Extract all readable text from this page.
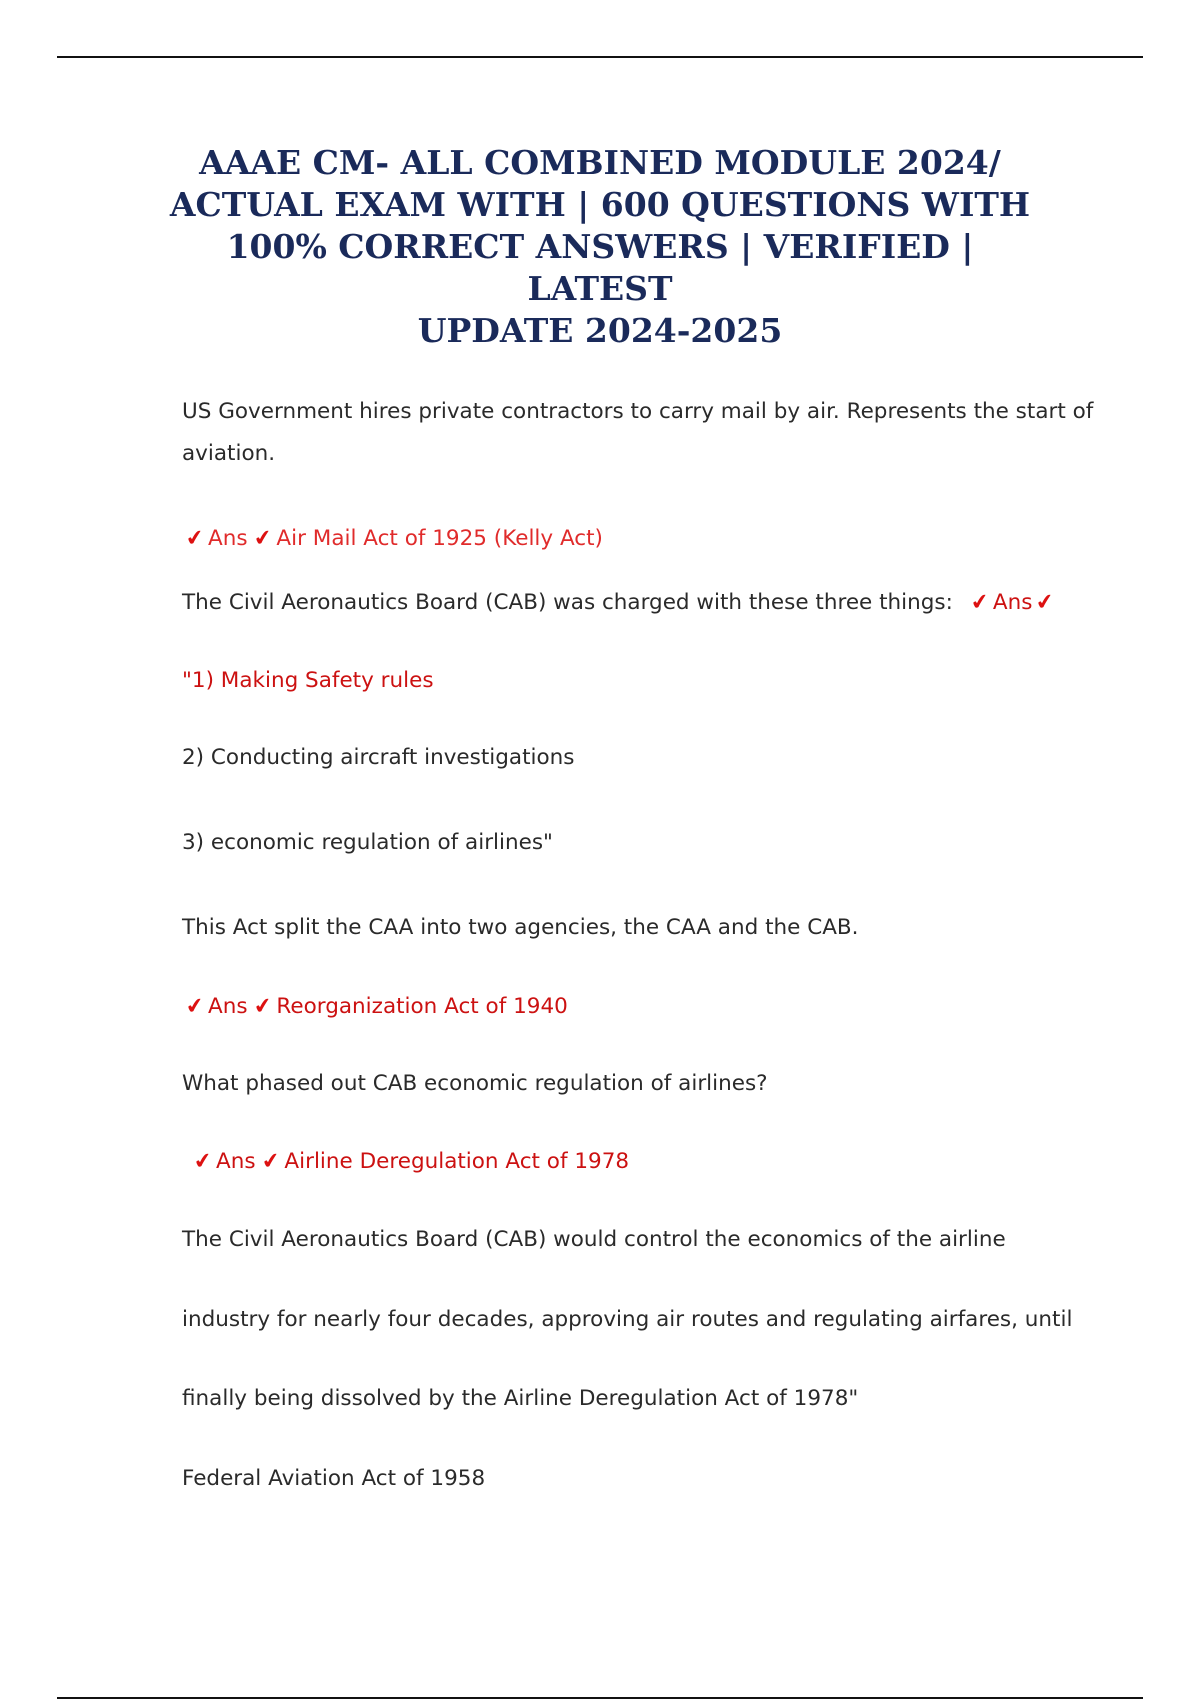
AAAE CM- ALL COMBINED MODULE 2024/
ACTUAL EXAM WITH | 600 QUESTIONS WITH
100% CORRECT ANSWERS | VERIFIED | LATEST
UPDATE 2024-2025

US Government hires private contractors to carry mail by air. Represents the start of

aviation.

✔ Ans ✔ Air Mail Act of 1925 (Kelly Act)

The Civil Aeronautics Board (CAB) was charged with these three things: ✔ Ans ✔

"1) Making Safety rules

2) Conducting aircraft investigations

3) economic regulation of airlines"

This Act split the CAA into two agencies, the CAA and the CAB.

✔ Ans ✔ Reorganization Act of 1940

What phased out CAB economic regulation of airlines?

✔ Ans ✔ Airline Deregulation Act of 1978

The Civil Aeronautics Board (CAB) would control the economics of the airline

industry for nearly four decades, approving air routes and regulating airfares, until

finally being dissolved by the Airline Deregulation Act of 1978"

Federal Aviation Act of 1958
